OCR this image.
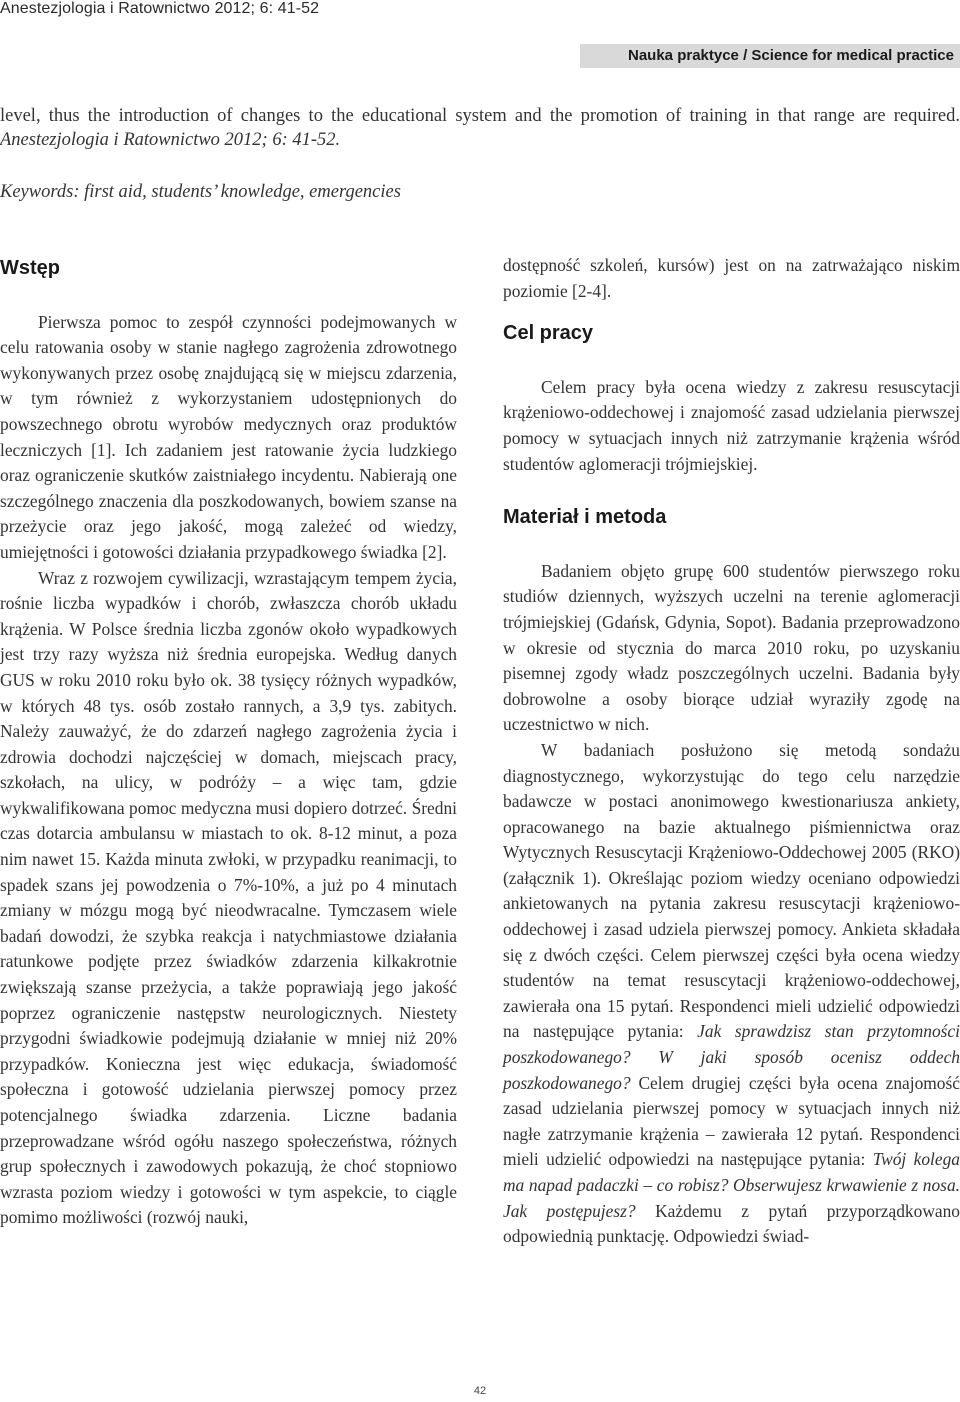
Anestezjologia i Ratownictwo 2012; 6: 41-52
Nauka praktyce / Science for medical practice

level, thus the introduction of changes to the educational system and the promotion of training in that range are required. Anestezjologia i Ratownictwo 2012; 6: 41-52.

Keywords: first aid, students’ knowledge, emergencies
Wstęp

Pierwsza pomoc to zespół czynności podejmowanych w celu ratowania osoby w stanie nagłego zagrożenia zdrowotnego wykonywanych przez osobę znajdującą się w miejscu zdarzenia, w tym również z wykorzystaniem udostępnionych do powszechnego obrotu wyrobów medycznych oraz produktów leczniczych [1]. Ich zadaniem jest ratowanie życia ludzkiego oraz ograniczenie skutków zaistniałego incydentu. Nabierają one szczególnego znaczenia dla poszkodowanych, bowiem szanse na przeżycie oraz jego jakość, mogą zależeć od wiedzy, umiejętności i gotowości działania przypadkowego świadka [2].

Wraz z rozwojem cywilizacji, wzrastającym tempem życia, rośnie liczba wypadków i chorób, zwłaszcza chorób układu krążenia. W Polsce średnia liczba zgonów około wypadkowych jest trzy razy wyższa niż średnia europejska. Według danych GUS w roku 2010 roku było ok. 38 tysięcy różnych wypadków, w których 48 tys. osób zostało rannych, a 3,9 tys. zabitych. Należy zauważyć, że do zdarzeń nagłego zagrożenia życia i zdrowia dochodzi najczęściej w domach, miejscach pracy, szkołach, na ulicy, w podróży – a więc tam, gdzie wykwalifikowana pomoc medyczna musi dopiero dotrzeć. Średni czas dotarcia ambulansu w miastach to ok. 8-12 minut, a poza nim nawet 15. Każda minuta zwłoki, w przypadku reanimacji, to spadek szans jej powodzenia o 7%-10%, a już po 4 minutach zmiany w mózgu mogą być nieodwracalne. Tymczasem wiele badań dowodzi, że szybka reakcja i natychmiastowe działania ratunkowe podjęte przez świadków zdarzenia kilkakrotnie zwiększają szanse przeżycia, a także poprawiają jego jakość poprzez ograniczenie następstw neurologicznych. Niestety przygodni świadkowie podejmują działanie w mniej niż 20% przypadków. Konieczna jest więc edukacja, świadomość społeczna i gotowość udzielania pierwszej pomocy przez potencjalnego świadka zdarzenia. Liczne badania przeprowadzane wśród ogółu naszego społeczeństwa, różnych grup społecznych i zawodowych pokazują, że choć stopniowo wzrasta poziom wiedzy i gotowości w tym aspekcie, to ciągle pomimo możliwości (rozwój nauki,

dostępność szkoleń, kursów) jest on na zatrważająco niskim poziomie [2-4].

Cel pracy

Celem pracy była ocena wiedzy z zakresu resuscytacji krążeniowo-oddechowej i znajomość zasad udzielania pierwszej pomocy w sytuacjach innych niż zatrzymanie krążenia wśród studentów aglomeracji trójmiejskiej.

Materiał i metoda

Badaniem objęto grupę 600 studentów pierwszego roku studiów dziennych, wyższych uczelni na terenie aglomeracji trójmiejskiej (Gdańsk, Gdynia, Sopot). Badania przeprowadzono w okresie od stycznia do marca 2010 roku, po uzyskaniu pisemnej zgody władz poszczególnych uczelni. Badania były dobrowolne a osoby biorące udział wyraziły zgodę na uczestnictwo w nich.

W badaniach posłużono się metodą sondażu diagnostycznego, wykorzystując do tego celu narzędzie badawcze w postaci anonimowego kwestionariusza ankiety, opracowanego na bazie aktualnego piśmiennictwa oraz Wytycznych Resuscytacji Krążeniowo-Oddechowej 2005 (RKO) (załącznik 1). Określając poziom wiedzy oceniano odpowiedzi ankietowanych na pytania zakresu resuscytacji krążeniowo-oddechowej i zasad udziela pierwszej pomocy. Ankieta składała się z dwóch części. Celem pierwszej części była ocena wiedzy studentów na temat resuscytacji krążeniowo-oddechowej, zawierała ona 15 pytań. Respondenci mieli udzielić odpowiedzi na następujące pytania: Jak sprawdzisz stan przytomności poszkodowanego? W jaki sposób ocenisz oddech poszkodowanego? Celem drugiej części była ocena znajomość zasad udzielania pierwszej pomocy w sytuacjach innych niż nagłe zatrzymanie krążenia – zawierała 12 pytań. Respondenci mieli udzielić odpowiedzi na następujące pytania: Twój kolega ma napad padaczki – co robisz? Obserwujesz krwawienie z nosa. Jak postępujesz? Każdemu z pytań przyporządkowano odpowiednią punktację. Odpowiedzi świad-

42
